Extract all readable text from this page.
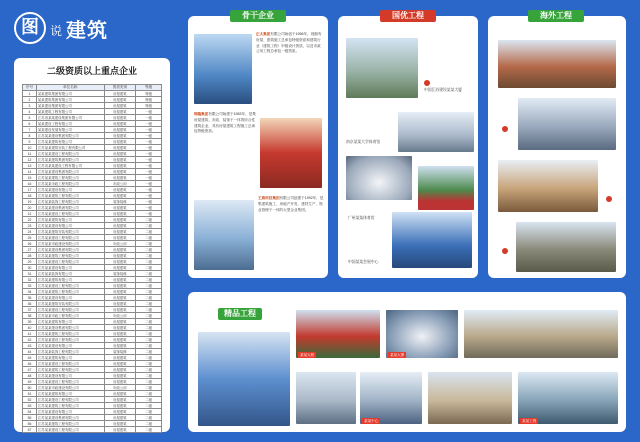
图 说 建筑
二级资质以上重点企业
序号	单位名称	资质类别	等级
1	某某建筑集团有限公司	房屋建筑	特级
2	某某建筑集团有限公司	房屋建筑	特级
3	某某建设集团有限公司	房屋建筑	特级
4	某某建筑工程有限公司	房屋建筑	一级
5	江苏省某某建设集团有限公司	房屋建筑	一级
6	某某建设工程有限公司	房屋建筑	一级
7	某某建设发展有限公司	房屋建筑	一级
8	江苏某某建设集团有限公司	房屋建筑	一级
9	江苏某某建筑有限公司	房屋建筑	一级
10	江苏某某建筑安装工程有限公司	房屋建筑	一级
11	江苏某某建设工程有限公司	房屋建筑	一级
12	江苏某某建筑集团有限公司	房屋建筑	一级
13	江苏省某某建设工程有限公司	房屋建筑	一级
14	江苏某某建设集团有限公司	房屋建筑	一级
15	江苏某某建筑工程有限公司	房屋建筑	一级
16	江苏某某市政工程有限公司	市政公用	一级
17	江苏某某建设有限公司	房屋建筑	一级
18	江苏某某建筑工程有限公司	房屋建筑	一级
19	江苏某某装饰工程有限公司	装饰装修	一级
20	江苏某某建设集团有限公司	房屋建筑	一级
21	江苏某某建设工程有限公司	房屋建筑	一级
22	江苏某某建筑有限公司	房屋建筑	二级
23	江苏某某建设有限公司	房屋建筑	二级
24	江苏某某建筑安装有限公司	房屋建筑	二级
25	江苏某某建设工程有限公司	房屋建筑	二级
26	江苏某某市政建设有限公司	市政公用	二级
27	江苏某某建设集团有限公司	房屋建筑	二级
28	江苏某某建筑工程有限公司	房屋建筑	二级
29	江苏某某建设工程有限公司	房屋建筑	二级
30	江苏某某建设有限公司	房屋建筑	二级
31	江苏某某装饰有限公司	装饰装修	二级
32	江苏某某建筑有限公司	房屋建筑	二级
33	江苏某某建设工程有限公司	房屋建筑	二级
34	江苏某某建筑工程有限公司	房屋建筑	二级
35	江苏某某建设有限公司	房屋建筑	二级
36	江苏某某建筑安装有限公司	房屋建筑	二级
37	江苏某某建设工程有限公司	房屋建筑	二级
38	江苏某某市政工程有限公司	市政公用	二级
39	江苏某某建筑有限公司	房屋建筑	二级
40	江苏某某建设集团有限公司	房屋建筑	二级
41	江苏某某建筑工程有限公司	房屋建筑	二级
42	江苏某某建设工程有限公司	房屋建筑	二级
43	江苏某某建设有限公司	房屋建筑	二级
44	江苏某某装饰工程有限公司	装饰装修	二级
45	江苏某某建筑有限公司	房屋建筑	二级
46	江苏某某建设工程有限公司	房屋建筑	二级
47	江苏某某建筑工程有限公司	房屋建筑	二级
48	江苏某某建设有限公司	房屋建筑	二级
49	江苏某某建设工程有限公司	房屋建筑	二级
50	江苏某某市政建设有限公司	市政公用	二级
51	江苏某某建筑有限公司	房屋建筑	二级
52	江苏某某建设工程有限公司	房屋建筑	二级
53	江苏某某建筑工程有限公司	房屋建筑	二级
54	江苏某某建设有限公司	房屋建筑	二级
55	江苏某某建设集团有限公司	房屋建筑	二级
56	江苏某某建筑工程有限公司	房屋建筑	二级
57	江苏某某建设工程有限公司	房屋建筑	二级
骨干企业
正太集团有限公司始创于1956年，现拥有房屋、建筑施工总承包特级资质和建筑行业（建筑工程）甲级设计资质，以及市政公用工程总承包一级资质。
锦隆集团有限公司始建于1983年，是集房屋建筑、市政、装饰于一体的综合性建筑企业，具有房屋建筑工程施工总承包特级资质。
王威科技集团有限公司创建于1992年，是集建筑施工、房地产开发、建材生产、物业管理于一体的大型企业集团。
国优工程
中国江苏建设某某大厦
南京某某大学体育馆
广州某某体育馆
中国某某会展中心
海外工程
精品工程
某某大桥	某某大厦
某某中心	某某工程
